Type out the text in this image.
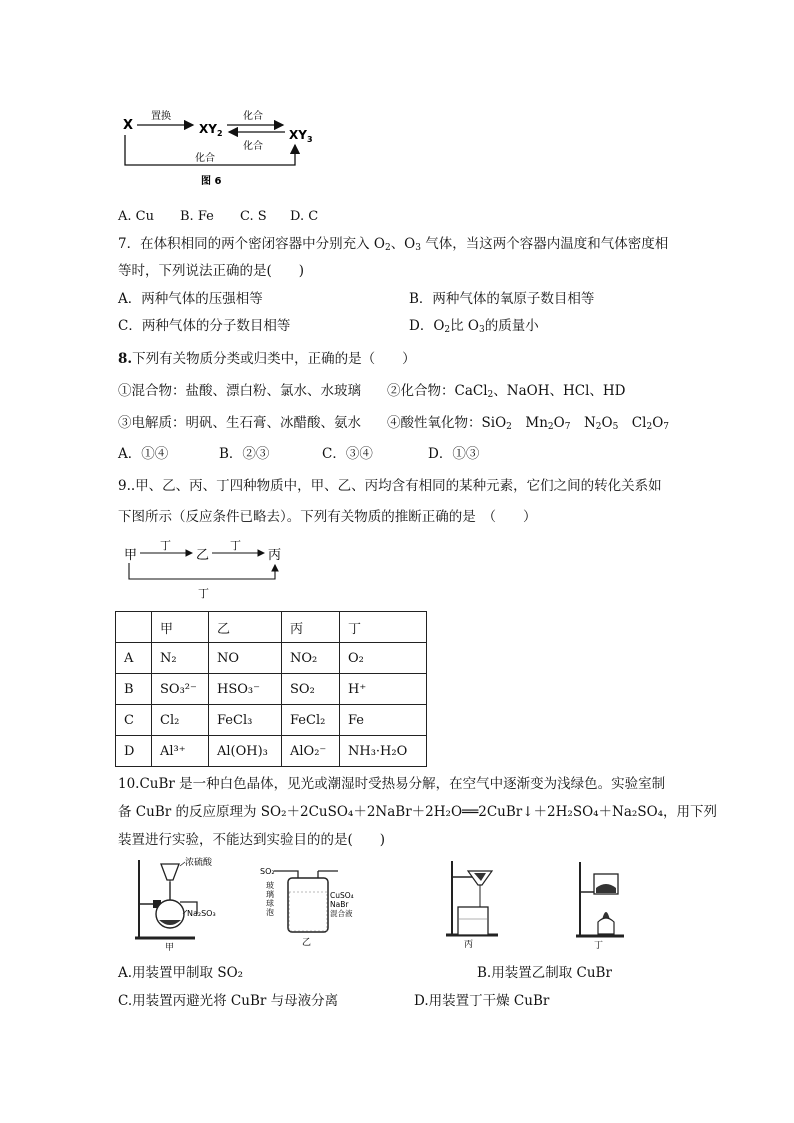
X
置换
$XY_2$
化合
化合
$XY_3$
化合
图 6
A. Cu B. Fe C. S D. C
7．在体积相同的两个密闭容器中分别充入 $O_2$、$O_3$ 气体，当这两个容器内温度和气体密度相
等时，下列说法正确的是(　　)
A．两种气体的压强相等	B．两种气体的氧原子数目相等
C．两种气体的分子数目相等	D．$O_2$比 $O_3$的质量小
8.下列有关物质分类或归类中，正确的是（　　）
①混合物：盐酸、漂白粉、氯水、水玻璃 ②化合物：CaCl$_2$、NaOH、HCl、HD
③电解质：明矾、生石膏、冰醋酸、氨水 ④酸性氧化物：SiO$_2$　$Mn_2O_7$　$N_2O_5$　$Cl_2O_7$
A．①④	B．②③	C．③④	D．①③
9..甲、乙、丙、丁四种物质中，甲、乙、丙均含有相同的某种元素，它们之间的转化关系如
下图所示（反应条件已略去）。下列有关物质的推断正确的是　（　　）
甲
丁
乙
丁
丙
丁
	甲	乙	丙	丁
A	N₂	NO	NO₂	O₂
B	SO₃²⁻	HSO₃⁻	SO₂	H⁺
C	Cl₂	FeCl₃	FeCl₂	Fe
D	Al³⁺	Al(OH)₃	AlO₂⁻	NH₃·H₂O
10.CuBr 是一种白色晶体，见光或潮湿时受热易分解，在空气中逐渐变为浅绿色。实验室制
备 CuBr 的反应原理为 SO₂＋2CuSO₄＋2NaBr＋2H₂O══2CuBr↓＋2H₂SO₄＋Na₂SO₄，用下列
装置进行实验，不能达到实验目的的是(　　)
浓硫酸
Na₂SO₃
甲
SO₂
玻 璃 球 泡
CuSO₄ NaBr 混合液
乙	丙	丁
A.用装置甲制取 SO₂	B.用装置乙制取 CuBr
C.用装置丙避光将 CuBr 与母液分离	D.用装置丁干燥 CuBr
